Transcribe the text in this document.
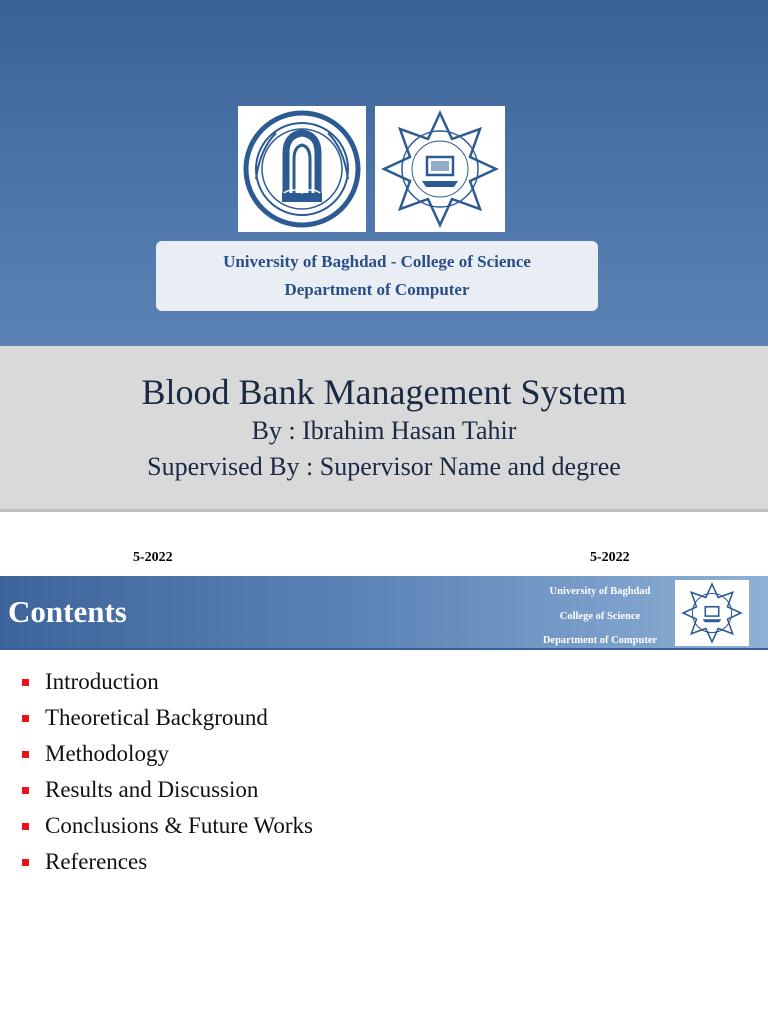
University of Baghdad - College of Science
Department of Computer
Blood Bank Management System
By : Ibrahim Hasan Tahir
Supervised By : Supervisor Name and degree
5-2022	5-2022
Contents
University of Baghdad
College of Science
Department of Computer
Introduction
Theoretical Background
Methodology
Results and Discussion
Conclusions & Future Works
References
